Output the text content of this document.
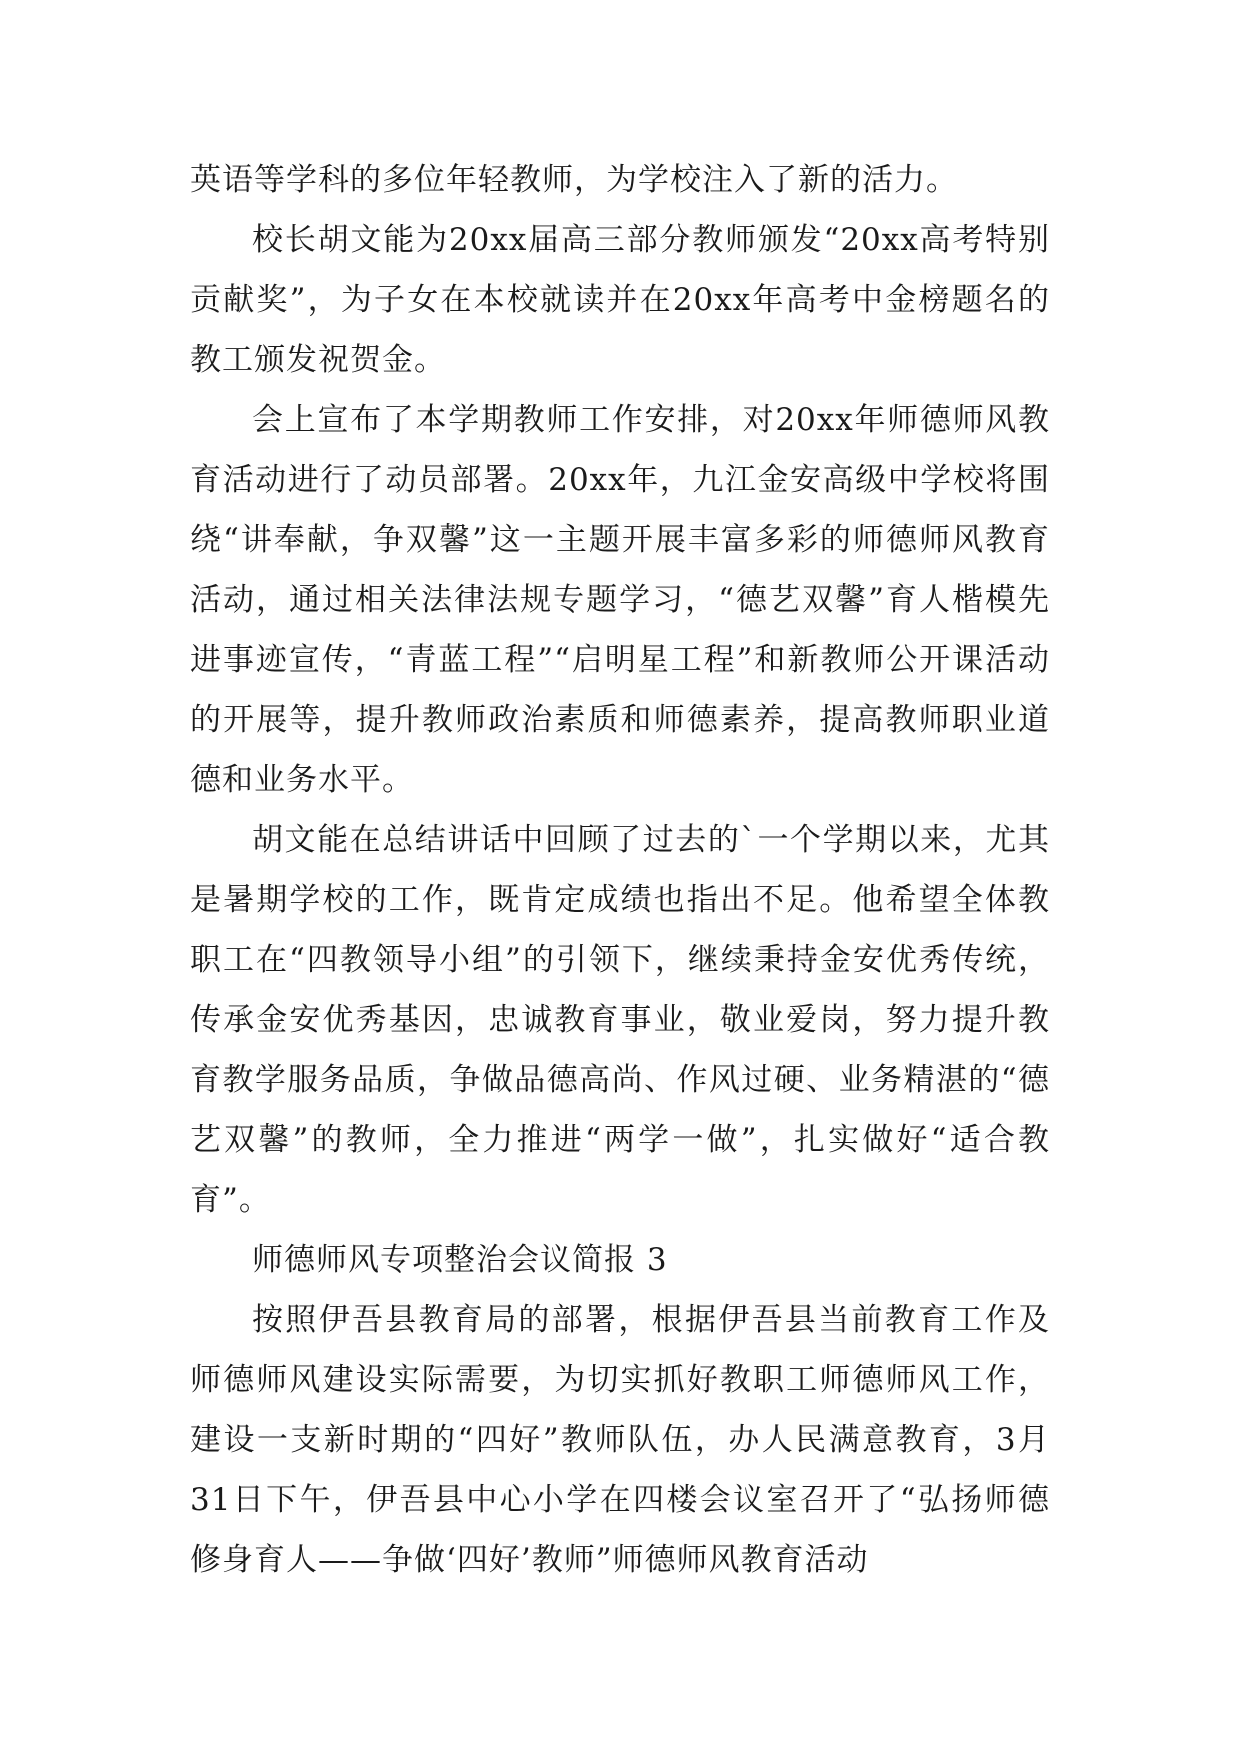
英语等学科的多位年轻教师，为学校注入了新的活力。

校长胡文能为20xx届高三部分教师颁发“20xx高考特别贡献奖”，为子女在本校就读并在20xx年高考中金榜题名的教工颁发祝贺金。

会上宣布了本学期教师工作安排，对20xx年师德师风教育活动进行了动员部署。20xx年，九江金安高级中学校将围绕“讲奉献，争双馨”这一主题开展丰富多彩的师德师风教育活动，通过相关法律法规专题学习，“德艺双馨”育人楷模先进事迹宣传，“青蓝工程”“启明星工程”和新教师公开课活动的开展等，提升教师政治素质和师德素养，提高教师职业道德和业务水平。

胡文能在总结讲话中回顾了过去的`一个学期以来，尤其是暑期学校的工作，既肯定成绩也指出不足。他希望全体教职工在“四教领导小组”的引领下，继续秉持金安优秀传统，传承金安优秀基因，忠诚教育事业，敬业爱岗，努力提升教育教学服务品质，争做品德高尚、作风过硬、业务精湛的“德艺双馨”的教师，全力推进“两学一做”，扎实做好“适合教育”。

师德师风专项整治会议简报 3

按照伊吾县教育局的部署，根据伊吾县当前教育工作及师德师风建设实际需要，为切实抓好教职工师德师风工作，建设一支新时期的“四好”教师队伍，办人民满意教育，3月31日下午，伊吾县中心小学在四楼会议室召开了“弘扬师德 修身育人——争做‘四好’教师”师德师风教育活动
